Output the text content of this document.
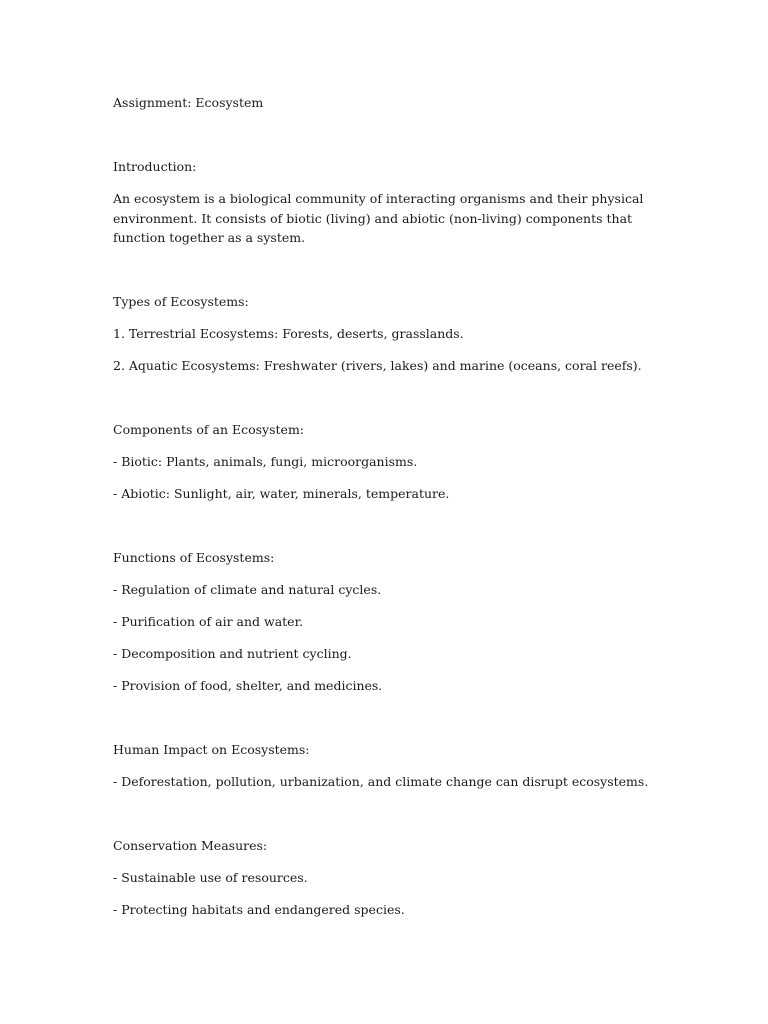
Assignment: Ecosystem
Introduction:

An ecosystem is a biological community of interacting organisms and their physical environment. It consists of biotic (living) and abiotic (non-living) components that function together as a system.

Types of Ecosystems:

1. Terrestrial Ecosystems: Forests, deserts, grasslands.

2. Aquatic Ecosystems: Freshwater (rivers, lakes) and marine (oceans, coral reefs).

Components of an Ecosystem:

- Biotic: Plants, animals, fungi, microorganisms.

- Abiotic: Sunlight, air, water, minerals, temperature.

Functions of Ecosystems:

- Regulation of climate and natural cycles.

- Purification of air and water.

- Decomposition and nutrient cycling.

- Provision of food, shelter, and medicines.

Human Impact on Ecosystems:

- Deforestation, pollution, urbanization, and climate change can disrupt ecosystems.

Conservation Measures:

- Sustainable use of resources.

- Protecting habitats and endangered species.
